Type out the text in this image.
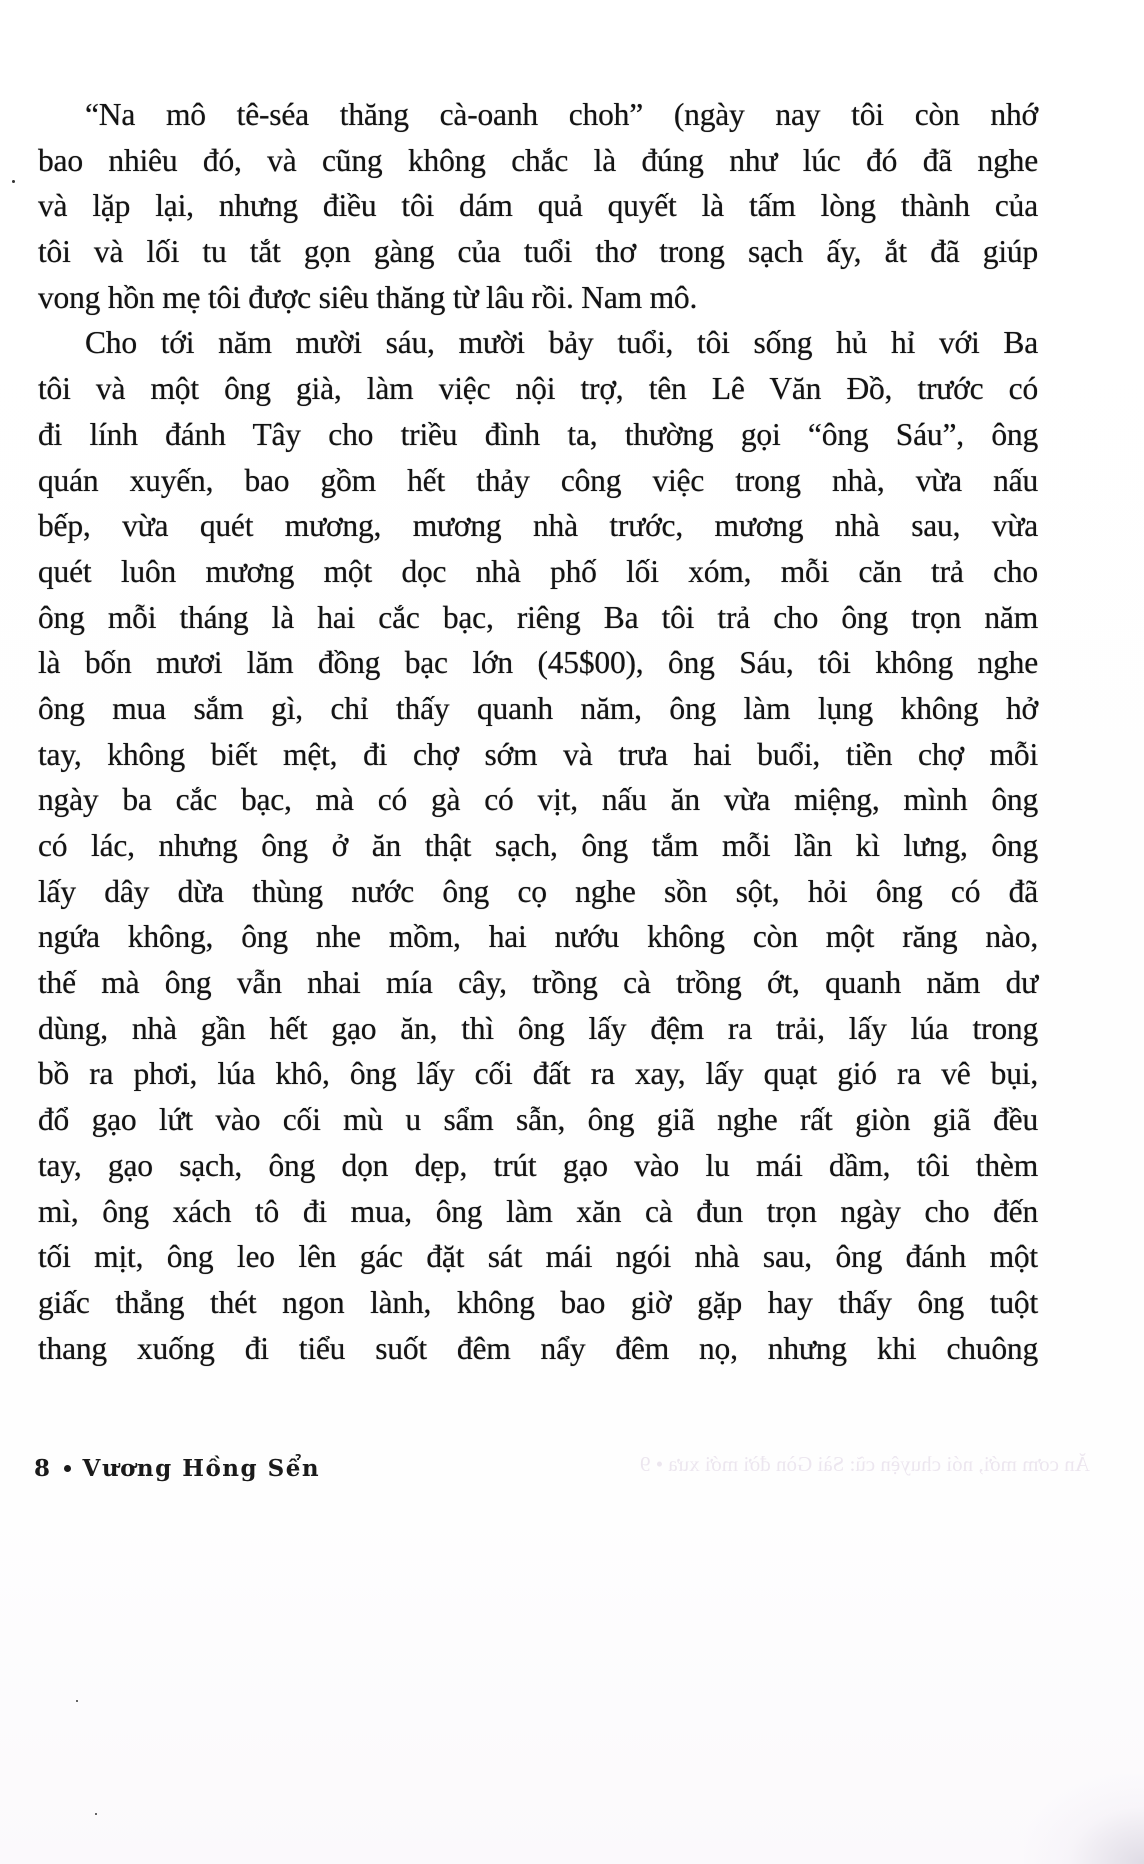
“Na mô tê-séa thăng cà-oanh choh” (ngày nay tôi còn nhớ
bao nhiêu đó, và cũng không chắc là đúng như lúc đó đã nghe
và lặp lại, nhưng điều tôi dám quả quyết là tấm lòng thành của
tôi và lối tu tắt gọn gàng của tuổi thơ trong sạch ấy, ắt đã giúp
vong hồn mẹ tôi được siêu thăng từ lâu rồi. Nam mô.
Cho tới năm mười sáu, mười bảy tuổi, tôi sống hủ hỉ với Ba
tôi và một ông già, làm việc nội trợ, tên Lê Văn Đồ, trước có
đi lính đánh Tây cho triều đình ta, thường gọi “ông Sáu”, ông
quán xuyến, bao gồm hết thảy công việc trong nhà, vừa nấu
bếp, vừa quét mương, mương nhà trước, mương nhà sau, vừa
quét luôn mương một dọc nhà phố lối xóm, mỗi căn trả cho
ông mỗi tháng là hai cắc bạc, riêng Ba tôi trả cho ông trọn năm
là bốn mươi lăm đồng bạc lớn (45$00), ông Sáu, tôi không nghe
ông mua sắm gì, chỉ thấy quanh năm, ông làm lụng không hở
tay, không biết mệt, đi chợ sớm và trưa hai buổi, tiền chợ mỗi
ngày ba cắc bạc, mà có gà có vịt, nấu ăn vừa miệng, mình ông
có lác, nhưng ông ở ăn thật sạch, ông tắm mỗi lần kì lưng, ông
lấy dây dừa thùng nước ông cọ nghe sồn sột, hỏi ông có đã
ngứa không, ông nhe mồm, hai nướu không còn một răng nào,
thế mà ông vẫn nhai mía cây, trồng cà trồng ớt, quanh năm dư
dùng, nhà gần hết gạo ăn, thì ông lấy đệm ra trải, lấy lúa trong
bồ ra phơi, lúa khô, ông lấy cối đất ra xay, lấy quạt gió ra vê bụi,
đổ gạo lứt vào cối mù u sẩm sẫn, ông giã nghe rất giòn giã đều
tay, gạo sạch, ông dọn dẹp, trút gạo vào lu mái dầm, tôi thèm
mì, ông xách tô đi mua, ông làm xăn cà đun trọn ngày cho đến
tối mịt, ông leo lên gác đặt sát mái ngói nhà sau, ông đánh một
giấc thẳng thét ngon lành, không bao giờ gặp hay thấy ông tuột
thang xuống đi tiểu suốt đêm nẩy đêm nọ, nhưng khi chuông
Ăn cơm mới, nói chuyện cũ: Sài Gòn đời mới xưa • 9
8 Vương Hồng Sển
